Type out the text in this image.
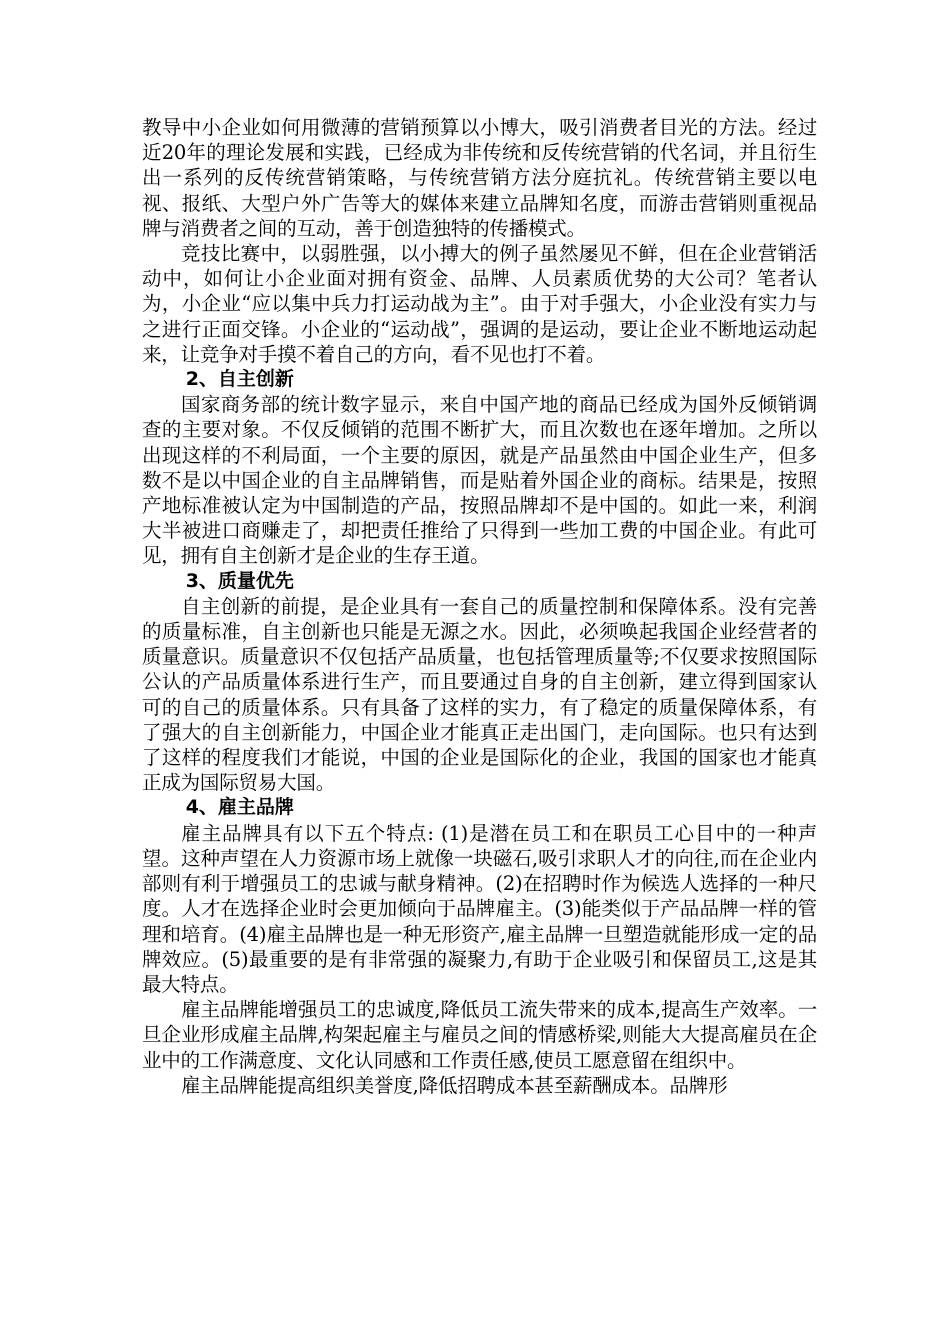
教导中小企业如何用微薄的营销预算以小博大，吸引消费者目光的方法。经过近20年的理论发展和实践，已经成为非传统和反传统营销的代名词，并且衍生出一系列的反传统营销策略，与传统营销方法分庭抗礼。传统营销主要以电视、报纸、大型户外广告等大的媒体来建立品牌知名度，而游击营销则重视品牌与消费者之间的互动，善于创造独特的传播模式。

竞技比赛中，以弱胜强，以小搏大的例子虽然屡见不鲜，但在企业营销活动中，如何让小企业面对拥有资金、品牌、人员素质优势的大公司？笔者认为，小企业“应以集中兵力打运动战为主”。由于对手强大，小企业没有实力与之进行正面交锋。小企业的“运动战”，强调的是运动，要让企业不断地运动起来，让竞争对手摸不着自己的方向，看不见也打不着。

2、自主创新

国家商务部的统计数字显示，来自中国产地的商品已经成为国外反倾销调查的主要对象。不仅反倾销的范围不断扩大，而且次数也在逐年增加。之所以出现这样的不利局面，一个主要的原因，就是产品虽然由中国企业生产，但多数不是以中国企业的自主品牌销售，而是贴着外国企业的商标。结果是，按照产地标准被认定为中国制造的产品，按照品牌却不是中国的。如此一来，利润大半被进口商赚走了，却把责任推给了只得到一些加工费的中国企业。有此可见，拥有自主创新才是企业的生存王道。

3、质量优先

自主创新的前提，是企业具有一套自己的质量控制和保障体系。没有完善的质量标准，自主创新也只能是无源之水。因此，必须唤起我国企业经营者的质量意识。质量意识不仅包括产品质量，也包括管理质量等;不仅要求按照国际公认的产品质量体系进行生产，而且要通过自身的自主创新，建立得到国家认可的自己的质量体系。只有具备了这样的实力，有了稳定的质量保障体系，有了强大的自主创新能力，中国企业才能真正走出国门，走向国际。也只有达到了这样的程度我们才能说，中国的企业是国际化的企业，我国的国家也才能真正成为国际贸易大国。

4、雇主品牌

雇主品牌具有以下五个特点: (1)是潜在员工和在职员工心目中的一种声望。这种声望在人力资源市场上就像一块磁石,吸引求职人才的向往,而在企业内部则有利于增强员工的忠诚与献身精神。(2)在招聘时作为候选人选择的一种尺度。人才在选择企业时会更加倾向于品牌雇主。(3)能类似于产品品牌一样的管理和培育。(4)雇主品牌也是一种无形资产,雇主品牌一旦塑造就能形成一定的品牌效应。(5)最重要的是有非常强的凝聚力,有助于企业吸引和保留员工,这是其最大特点。

雇主品牌能增强员工的忠诚度,降低员工流失带来的成本,提高生产效率。一旦企业形成雇主品牌,构架起雇主与雇员之间的情感桥梁,则能大大提高雇员在企业中的工作满意度、文化认同感和工作责任感,使员工愿意留在组织中。

雇主品牌能提高组织美誉度,降低招聘成本甚至薪酬成本。品牌形
